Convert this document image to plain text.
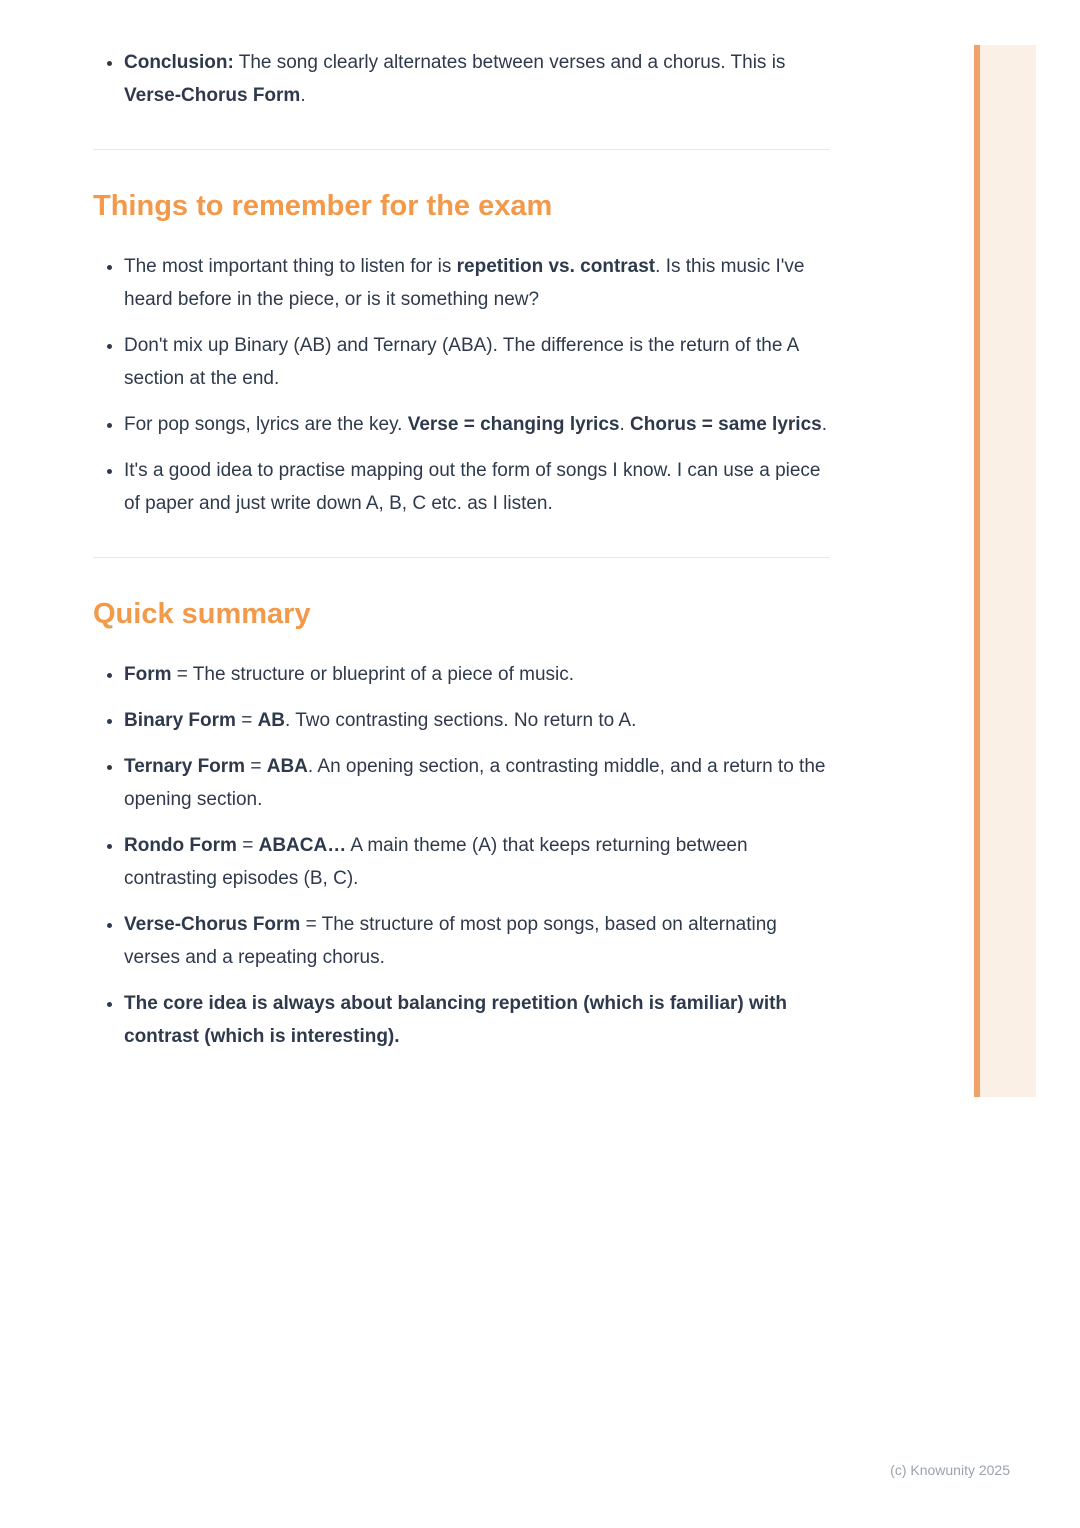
• Conclusion: The song clearly alternates between verses and a chorus. This is Verse-Chorus Form.
Things to remember for the exam
• The most important thing to listen for is repetition vs. contrast. Is this music I've heard before in the piece, or is it something new?
• Don't mix up Binary (AB) and Ternary (ABA). The difference is the return of the A section at the end.
• For pop songs, lyrics are the key. Verse = changing lyrics. Chorus = same lyrics.
• It's a good idea to practise mapping out the form of songs I know. I can use a piece of paper and just write down A, B, C etc. as I listen.
Quick summary
• Form = The structure or blueprint of a piece of music.
• Binary Form = AB. Two contrasting sections. No return to A.
• Ternary Form = ABA. An opening section, a contrasting middle, and a return to the opening section.
• Rondo Form = ABACA… A main theme (A) that keeps returning between contrasting episodes (B, C).
• Verse-Chorus Form = The structure of most pop songs, based on alternating verses and a repeating chorus.
• The core idea is always about balancing repetition (which is familiar) with contrast (which is interesting).
(c) Knowunity 2025
